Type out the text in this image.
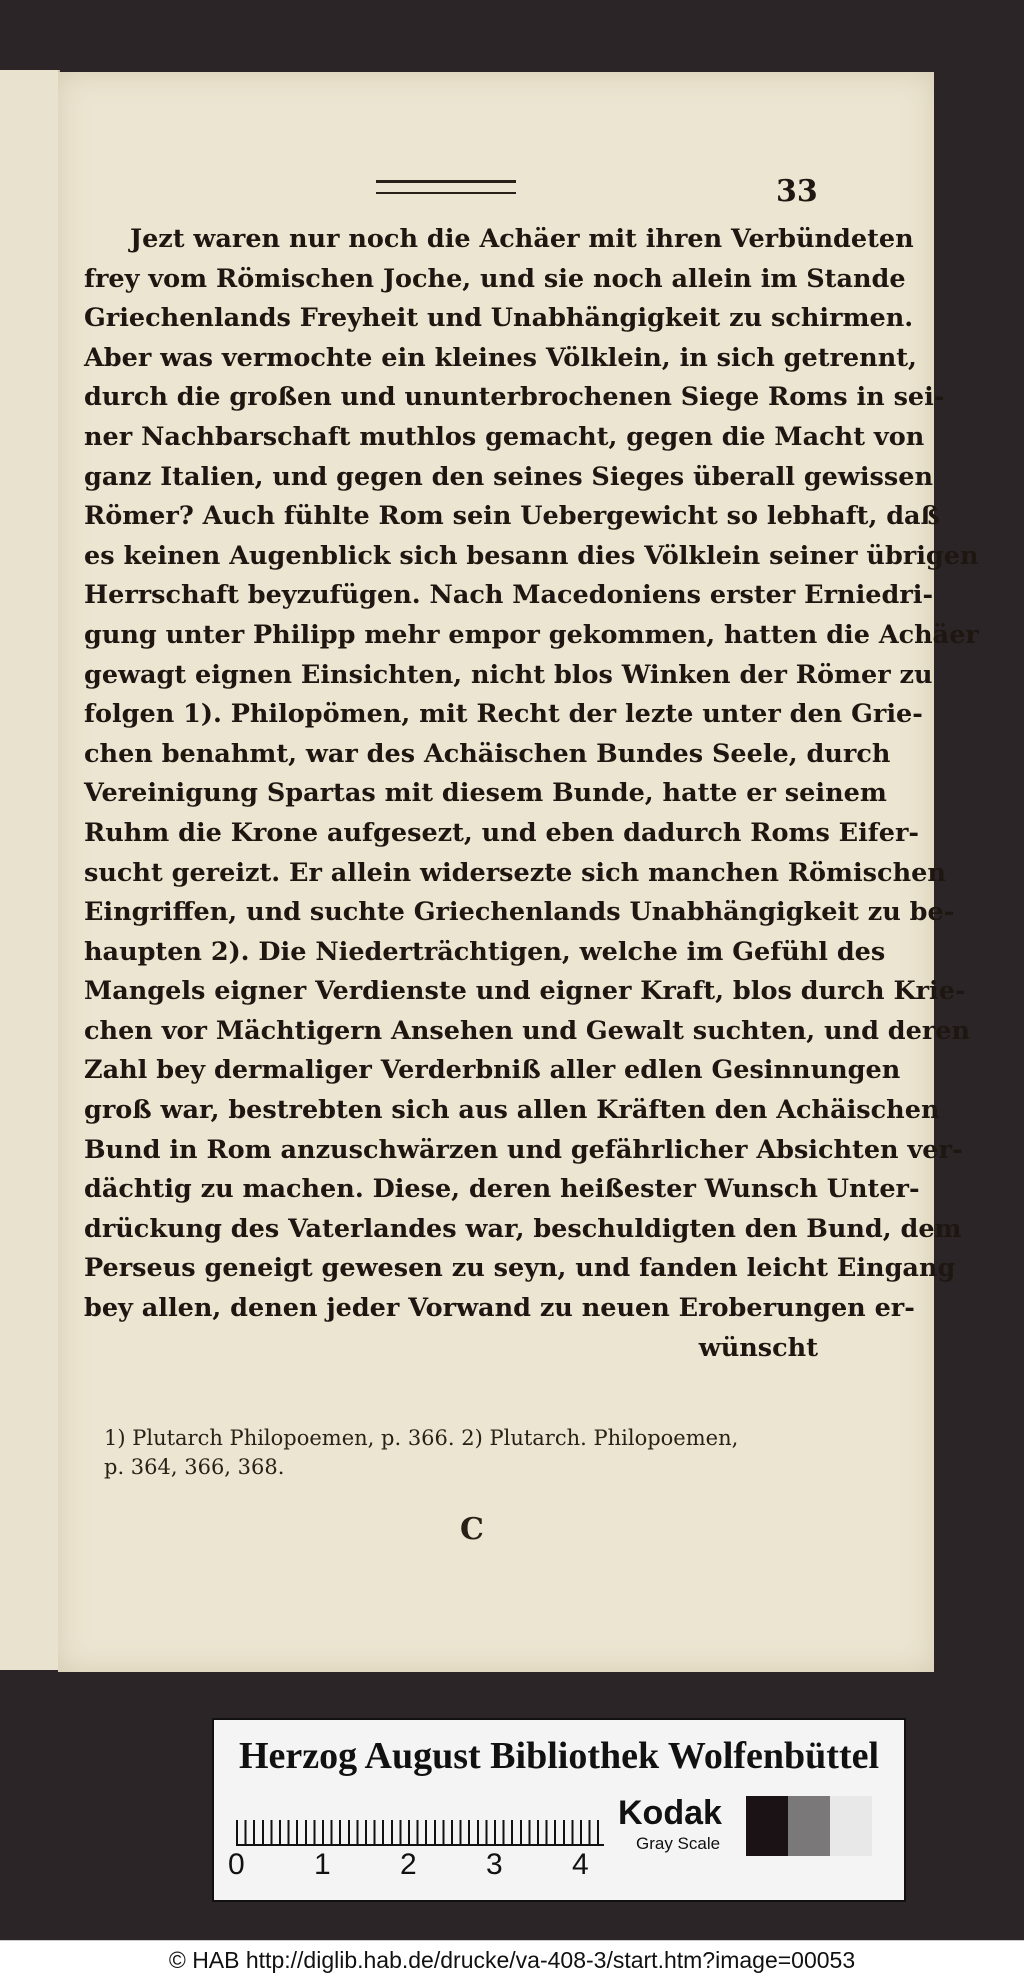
33
Jezt waren nur noch die Achäer mit ihren Verbündeten
frey vom Römischen Joche, und sie noch allein im Stande
Griechenlands Freyheit und Unabhängigkeit zu schirmen.
Aber was vermochte ein kleines Völklein, in sich getrennt,
durch die großen und ununterbrochenen Siege Roms in sei-
ner Nachbarschaft muthlos gemacht, gegen die Macht von
ganz Italien, und gegen den seines Sieges überall gewissen
Römer? Auch fühlte Rom sein Uebergewicht so lebhaft, daß
es keinen Augenblick sich besann dies Völklein seiner übrigen
Herrschaft beyzufügen. Nach Macedoniens erster Erniedri-
gung unter Philipp mehr empor gekommen, hatten die Achäer
gewagt eignen Einsichten, nicht blos Winken der Römer zu
folgen 1). Philopömen, mit Recht der lezte unter den Grie-
chen benahmt, war des Achäischen Bundes Seele, durch
Vereinigung Spartas mit diesem Bunde, hatte er seinem
Ruhm die Krone aufgesezt, und eben dadurch Roms Eifer-
sucht gereizt. Er allein widersezte sich manchen Römischen
Eingriffen, und suchte Griechenlands Unabhängigkeit zu be-
haupten 2). Die Niederträchtigen, welche im Gefühl des
Mangels eigner Verdienste und eigner Kraft, blos durch Krie-
chen vor Mächtigern Ansehen und Gewalt suchten, und deren
Zahl bey dermaliger Verderbniß aller edlen Gesinnungen
groß war, bestrebten sich aus allen Kräften den Achäischen
Bund in Rom anzuschwärzen und gefährlicher Absichten ver-
dächtig zu machen. Diese, deren heißester Wunsch Unter-
drückung des Vaterlandes war, beschuldigten den Bund, dem
Perseus geneigt gewesen zu seyn, und fanden leicht Eingang
bey allen, denen jeder Vorwand zu neuen Eroberungen er-
wünscht
1) Plutarch Philopoemen, p. 366. 2) Plutarch. Philopoemen,
p. 364, 366, 368.
C
Herzog August Bibliothek Wolfenbüttel
0 1 2 3 4
Kodak
Gray Scale
© HAB http://diglib.hab.de/drucke/va-408-3/start.htm?image=00053
